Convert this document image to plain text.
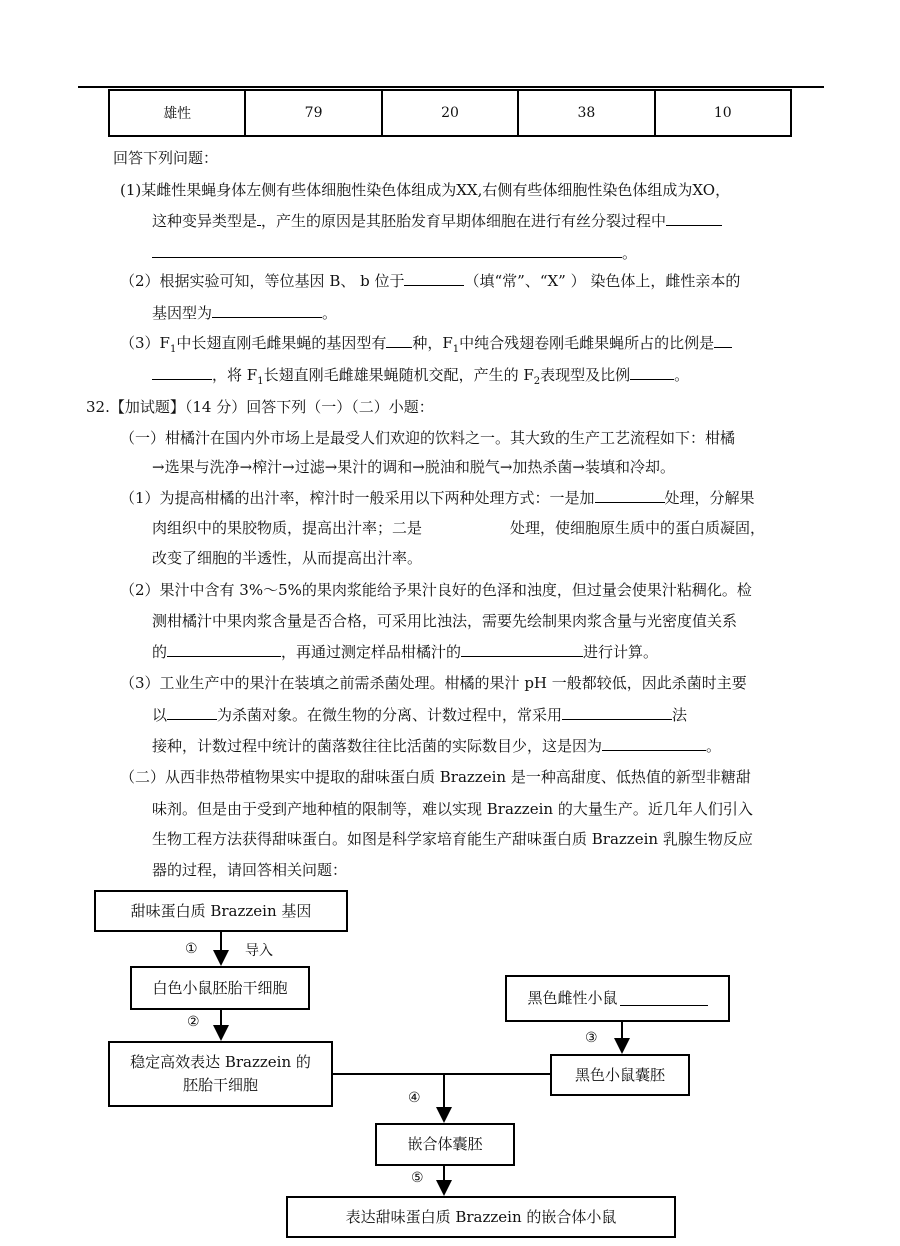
雄性	79	20	38	10
回答下列问题：
(1)某雌性果蝇身体左侧有些体细胞性染色体组成为XX,右侧有些体细胞性染色体组成为XO，
这种变异类型是 ，产生的原因是其胚胎发育早期体细胞在进行有丝分裂过程中
。
（2）根据实验可知，等位基因 B、 b 位于	（填“常”、“X” ） 染色体上，雌性亲本的
基因型为	。
$(3)F_1$中长翅直刚毛雌果蝇的基因型有 种，$F_1$中纯合残翅卷刚毛雌果蝇所占的比例是
，将 $F_1$长翅直刚毛雌雄果蝇随机交配，产生的 $F_2$表现型及比例	。
32.【加试题】（14 分）回答下列（一）（二）小题：
（一）柑橘汁在国内外市场上是最受人们欢迎的饮料之一。其大致的生产工艺流程如下：柑橘
→选果与洗净→榨汁→过滤→果汁的调和→脱油和脱气→加热杀菌→装填和冷却。
（1）为提高柑橘的出汁率，榨汁时一般采用以下两种处理方式：一是加	处理，分解果
肉组织中的果胶物质，提高出汁率；二是	处理，使细胞原生质中的蛋白质凝固，
改变了细胞的半透性，从而提高出汁率。
（2）果汁中含有 3%～5%的果肉浆能给予果汁良好的色泽和浊度，但过量会使果汁粘稠化。检
测柑橘汁中果肉浆含量是否合格，可采用比浊法，需要先绘制果肉浆含量与光密度值关系
的	，再通过测定样品柑橘汁的	进行计算。
（3）工业生产中的果汁在装填之前需杀菌处理。柑橘的果汁 pH 一般都较低，因此杀菌时主要
以	为杀菌对象。在微生物的分离、计数过程中，常采用	法
接种，计数过程中统计的菌落数往往比活菌的实际数目少，这是因为	。
（二）从西非热带植物果实中提取的甜味蛋白质 Brazzein 是一种高甜度、低热值的新型非糖甜
味剂。但是由于受到产地种植的限制等，难以实现 Brazzein 的大量生产。近几年人们引入
生物工程方法获得甜味蛋白。如图是科学家培育能生产甜味蛋白质 Brazzein 乳腺生物反应
器的过程，请回答相关问题：
甜味蛋白质 Brazzein 基因
①	导入
白色小鼠胚胎干细胞
②
稳定高效表达 Brazzein 的
胚胎干细胞
黑色雌性小鼠
③
黑色小鼠囊胚
④
嵌合体囊胚
⑤
表达甜味蛋白质 Brazzein 的嵌合体小鼠
